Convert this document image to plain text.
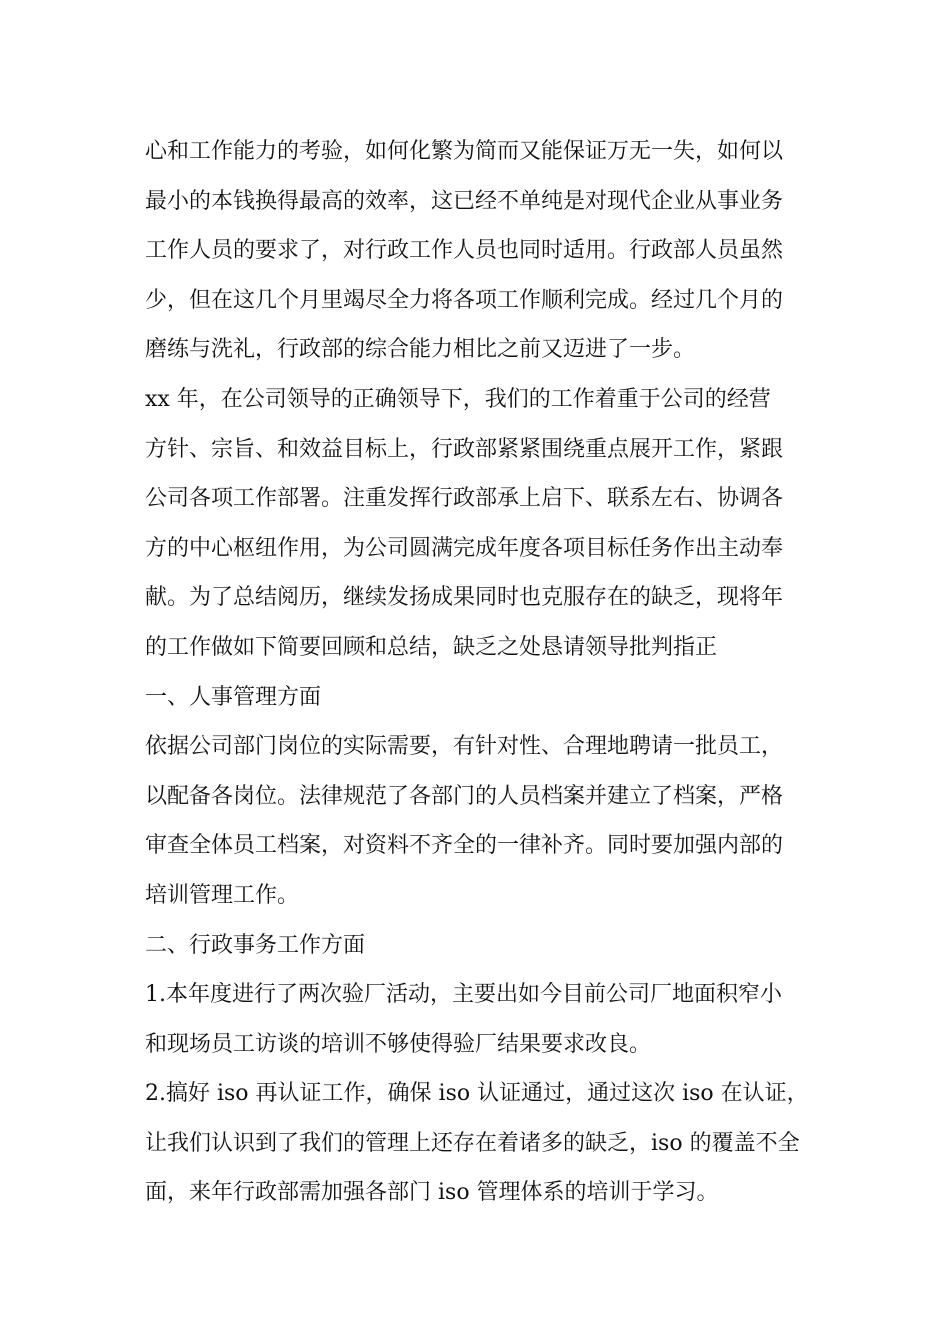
心和工作能力的考验，如何化繁为简而又能保证万无一失，如何以

最小的本钱换得最高的效率，这已经不单纯是对现代企业从事业务

工作人员的要求了，对行政工作人员也同时适用。行政部人员虽然

少，但在这几个月里竭尽全力将各项工作顺利完成。经过几个月的

磨练与洗礼，行政部的综合能力相比之前又迈进了一步。

xx 年，在公司领导的正确领导下，我们的工作着重于公司的经营

方针、宗旨、和效益目标上，行政部紧紧围绕重点展开工作，紧跟

公司各项工作部署。注重发挥行政部承上启下、联系左右、协调各

方的中心枢纽作用，为公司圆满完成年度各项目标任务作出主动奉

献。为了总结阅历，继续发扬成果同时也克服存在的缺乏，现将年

的工作做如下简要回顾和总结，缺乏之处恳请领导批判指正

一、人事管理方面

依据公司部门岗位的实际需要，有针对性、合理地聘请一批员工，

以配备各岗位。法律规范了各部门的人员档案并建立了档案，严格

审查全体员工档案，对资料不齐全的一律补齐。同时要加强内部的

培训管理工作。

二、行政事务工作方面

1.本年度进行了两次验厂活动，主要出如今目前公司厂地面积窄小

和现场员工访谈的培训不够使得验厂结果要求改良。

2.搞好 iso 再认证工作，确保 iso 认证通过，通过这次 iso 在认证，

让我们认识到了我们的管理上还存在着诸多的缺乏，iso 的覆盖不全

面，来年行政部需加强各部门 iso 管理体系的培训于学习。
